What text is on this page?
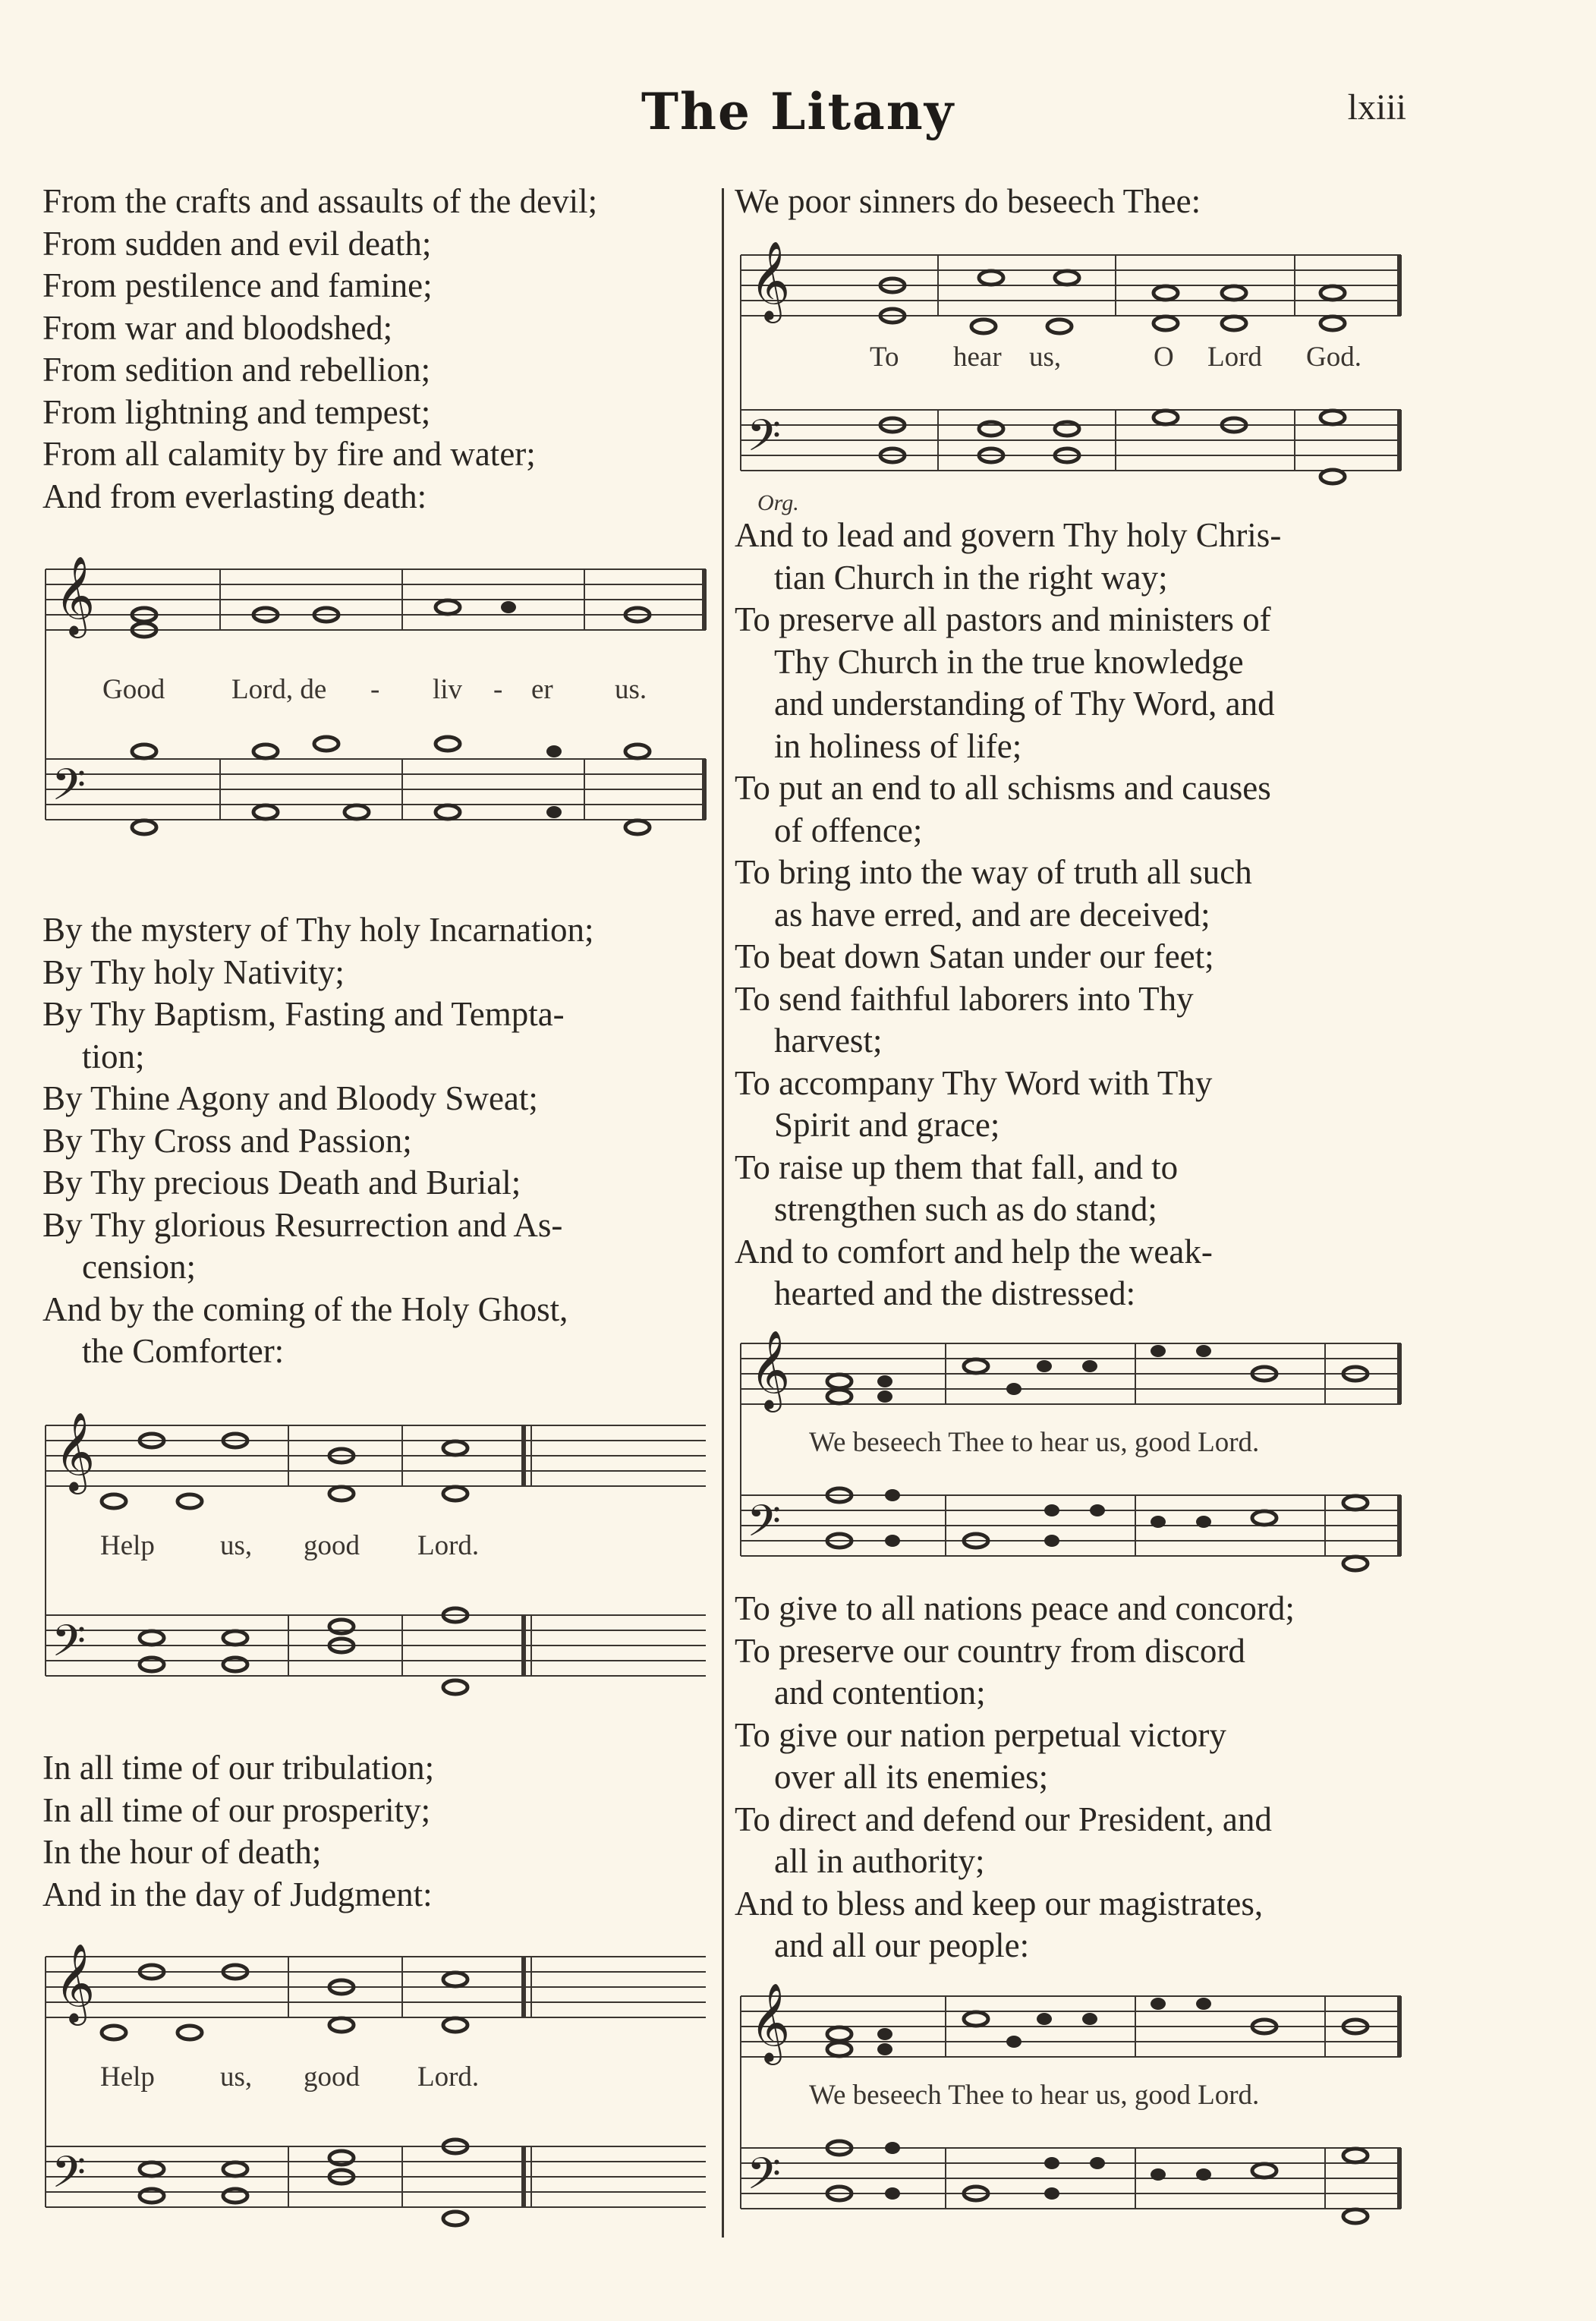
The Litany	lxiii
From the crafts and assaults of the devil;
From sudden and evil death;
From pestilence and famine;
From war and bloodshed;
From sedition and rebellion;
From lightning and tempest;
From all calamity by fire and water;
And from everlasting death:
𝄞
𝄢
Good Lord, de - liv - er us.
By the mystery of Thy holy Incarnation;
By Thy holy Nativity;
By Thy Baptism, Fasting and Tempta-
tion;
By Thine Agony and Bloody Sweat;
By Thy Cross and Passion;
By Thy precious Death and Burial;
By Thy glorious Resurrection and As-
cension;
And by the coming of the Holy Ghost,
the Comforter:
𝄞
𝄢
Help us, good Lord.
In all time of our tribulation;
In all time of our prosperity;
In the hour of death;
And in the day of Judgment:
𝄞
𝄢
Help us, good Lord.
We poor sinners do beseech Thee:
𝄞
𝄢
To hear us,	O Lord God.
Org.
And to lead and govern Thy holy Chris-
tian Church in the right way;
To preserve all pastors and ministers of
Thy Church in the true knowledge
and understanding of Thy Word, and
in holiness of life;
To put an end to all schisms and causes
of offence;
To bring into the way of truth all such
as have erred, and are deceived;
To beat down Satan under our feet;
To send faithful laborers into Thy
harvest;
To accompany Thy Word with Thy
Spirit and grace;
To raise up them that fall, and to
strengthen such as do stand;
And to comfort and help the weak-
hearted and the distressed:
𝄞
𝄢
We beseech Thee to hear us, good Lord.
To give to all nations peace and concord;
To preserve our country from discord
and contention;
To give our nation perpetual victory
over all its enemies;
To direct and defend our President, and
all in authority;
And to bless and keep our magistrates,
and all our people:
𝄞
𝄢
We beseech Thee to hear us, good Lord.
